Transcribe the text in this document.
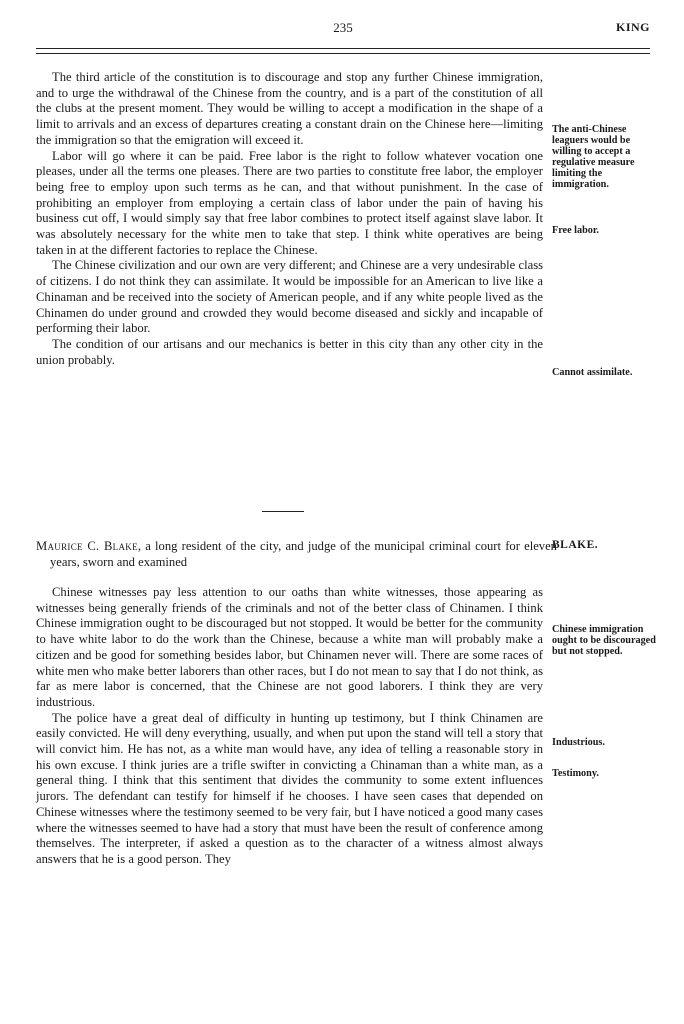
235	KING

The third article of the constitution is to discourage and stop any further Chinese immigration, and to urge the withdrawal of the Chinese from the country, and is a part of the constitution of all the clubs at the present moment. They would be willing to accept a modification in the shape of a limit to arrivals and an excess of departures creating a constant drain on the Chinese here—limiting the immigration so that the emigration will exceed it.

Labor will go where it can be paid. Free labor is the right to follow whatever vocation one pleases, under all the terms one pleases. There are two parties to constitute free labor, the employer being free to employ upon such terms as he can, and that without punishment. In the case of prohibiting an employer from employing a certain class of labor under the pain of having his business cut off, I would simply say that free labor combines to protect itself against slave labor. It was absolutely necessary for the white men to take that step. I think white operatives are being taken in at the different factories to replace the Chinese.

The Chinese civilization and our own are very different; and Chinese are a very undesirable class of citizens. I do not think they can assimilate. It would be impossible for an American to live like a Chinaman and be received into the society of American people, and if any white people lived as the Chinamen do under ground and crowded they would become diseased and sickly and incapable of performing their labor.

The condition of our artisans and our mechanics is better in this city than any other city in the union probably.

Maurice C. Blake, a long resident of the city, and judge of the municipal criminal court for eleven years, sworn and examined

Chinese witnesses pay less attention to our oaths than white witnesses, those appearing as witnesses being generally friends of the criminals and not of the better class of Chinamen. I think Chinese immigration ought to be discouraged but not stopped. It would be better for the community to have white labor to do the work than the Chinese, because a white man will probably make a citizen and be good for something besides labor, but Chinamen never will. There are some races of white men who make better laborers than other races, but I do not mean to say that I do not think, as far as mere labor is concerned, that the Chinese are not good laborers. I think they are very industrious.

The police have a great deal of difficulty in hunting up testimony, but I think Chinamen are easily convicted. He will deny everything, usually, and when put upon the stand will tell a story that will convict him. He has not, as a white man would have, any idea of telling a reasonable story in his own excuse. I think juries are a trifle swifter in convicting a Chinaman than a white man, as a general thing. I think that this sentiment that divides the community to some extent influences jurors. The defendant can testify for himself if he chooses. I have seen cases that depended on Chinese witnesses where the testimony seemed to be very fair, but I have noticed a good many cases where the witnesses seemed to have had a story that must have been the result of conference among themselves. The interpreter, if asked a question as to the character of a witness almost always answers that he is a good person. They

The anti-Chinese leaguers would be willing to accept a regulative measure limiting the immigration.
Free labor.
Cannot assimilate.
BLAKE.
Chinese immigration ought to be discouraged but not stopped.
Industrious.
Testimony.
